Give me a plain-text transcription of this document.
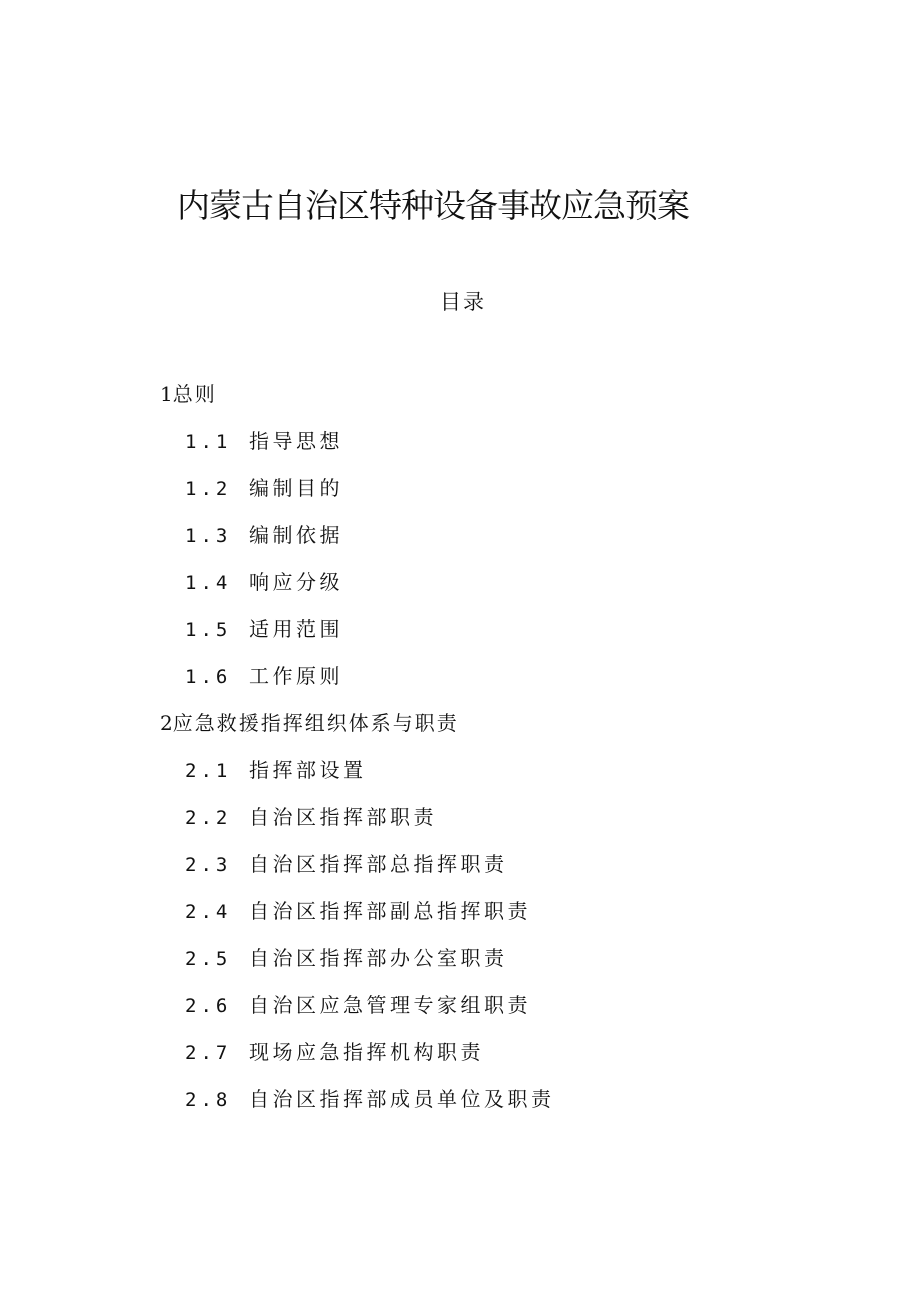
内蒙古自治区特种设备事故应急预案
目录
1总则
1.1 指导思想
1.2 编制目的
1.3 编制依据
1.4 响应分级
1.5 适用范围
1.6 工作原则
2应急救援指挥组织体系与职责
2.1 指挥部设置
2.2 自治区指挥部职责
2.3 自治区指挥部总指挥职责
2.4 自治区指挥部副总指挥职责
2.5 自治区指挥部办公室职责
2.6 自治区应急管理专家组职责
2.7 现场应急指挥机构职责
2.8 自治区指挥部成员单位及职责
